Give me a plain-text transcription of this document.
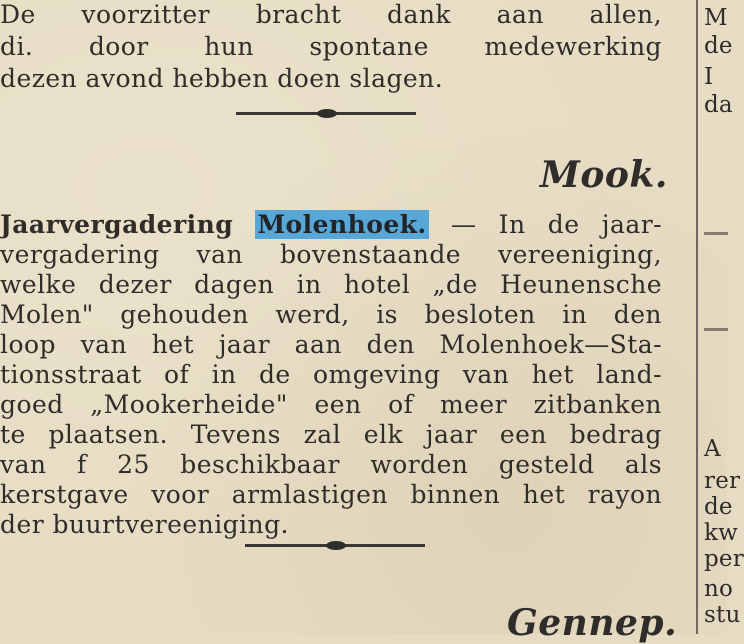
De voorzitter bracht dank aan allen,
di. door hun spontane medewerking
dezen avond hebben doen slagen.
Mook.
Jaarvergadering Molenhoek. — In de jaar-
vergadering van bovenstaande vereeniging,
welke dezer dagen in hotel „de Heunensche
Molen" gehouden werd, is besloten in den
loop van het jaar aan den Molenhoek—Sta-
tionsstraat of in de omgeving van het land-
goed „Mookerheide" een of meer zitbanken
te plaatsen. Tevens zal elk jaar een bedrag
van f 25 beschikbaar worden gesteld als
kerstgave voor armlastigen binnen het rayon
der buurtvereeniging.
Gennep.
M
de
I
da
A
rer
de
kw
per
no
stu
